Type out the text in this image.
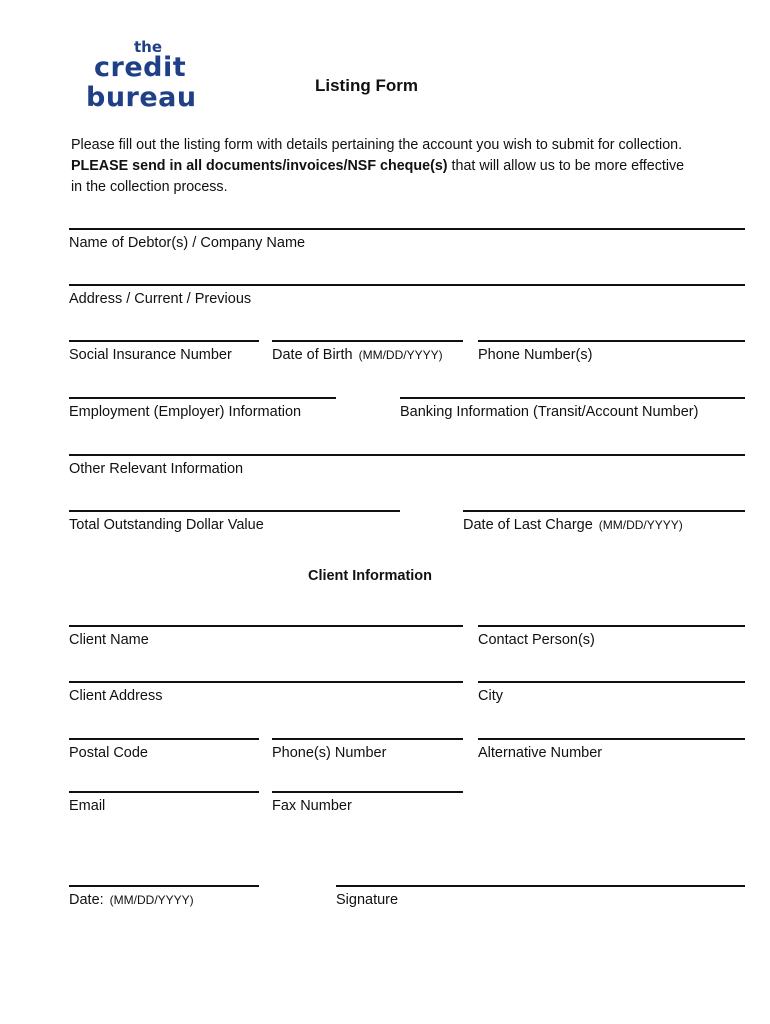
the
credit
bureau	Listing Form
Please fill out the listing form with details pertaining the account you wish to submit for collection.
PLEASE send in all documents/invoices/NSF cheque(s) that will allow us to be more effective
in the collection process.
Name of Debtor(s) / Company Name
Address / Current / Previous
Social Insurance Number	Date of Birth (MM/DD/YYYY)	Phone Number(s)
Employment (Employer) Information	Banking Information (Transit/Account Number)
Other Relevant Information
Total Outstanding Dollar Value	Date of Last Charge (MM/DD/YYYY)
Client Information
Client Name	Contact Person(s)
Client Address	City
Postal Code	Phone(s) Number	Alternative Number
Email	Fax Number
Date: (MM/DD/YYYY)	Signature
